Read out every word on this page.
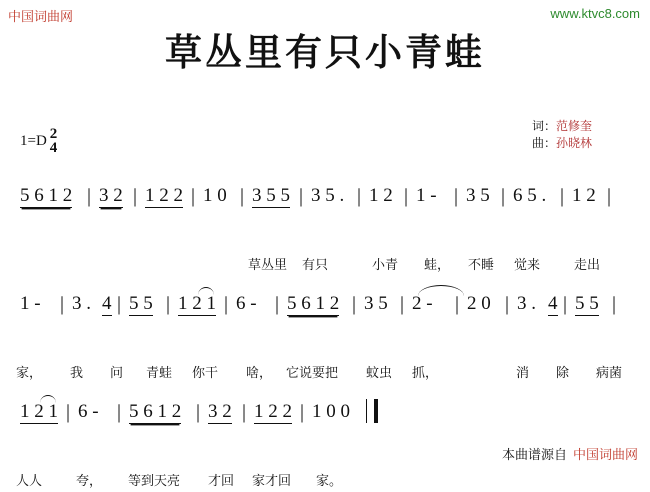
中国词曲网	www.ktvc8.com
草丛里有只小青蛙
词：范修奎
曲：孙晓林
1=D 2
4
5 6 1 2 | 3 2 | 1 2 2 | 1 0 | 3 5 5 | 3 5 . | 1 2 | 1 - | 3 5 | 6 5 . | 1 2 |
草丛里 有只	小青 蛙， 不睡 觉来	走出
1 - | 3 . 4 | 5 5 | 1 2 1 | 6 - | 5 6 1 2 | 3 5 | 2 - | 2 0 | 3 . 4 | 5 5 |
家， 我 问 青蛙 你干 啥， 它说要把 蚊虫 抓，	消 除 病菌
1 2 1 | 6 - | 5 6 1 2 | 3 2 | 1 2 2 | 1 0 0
人人	夸， 等到天亮 才回 家才回 家。
本曲谱源自 中国词曲网
